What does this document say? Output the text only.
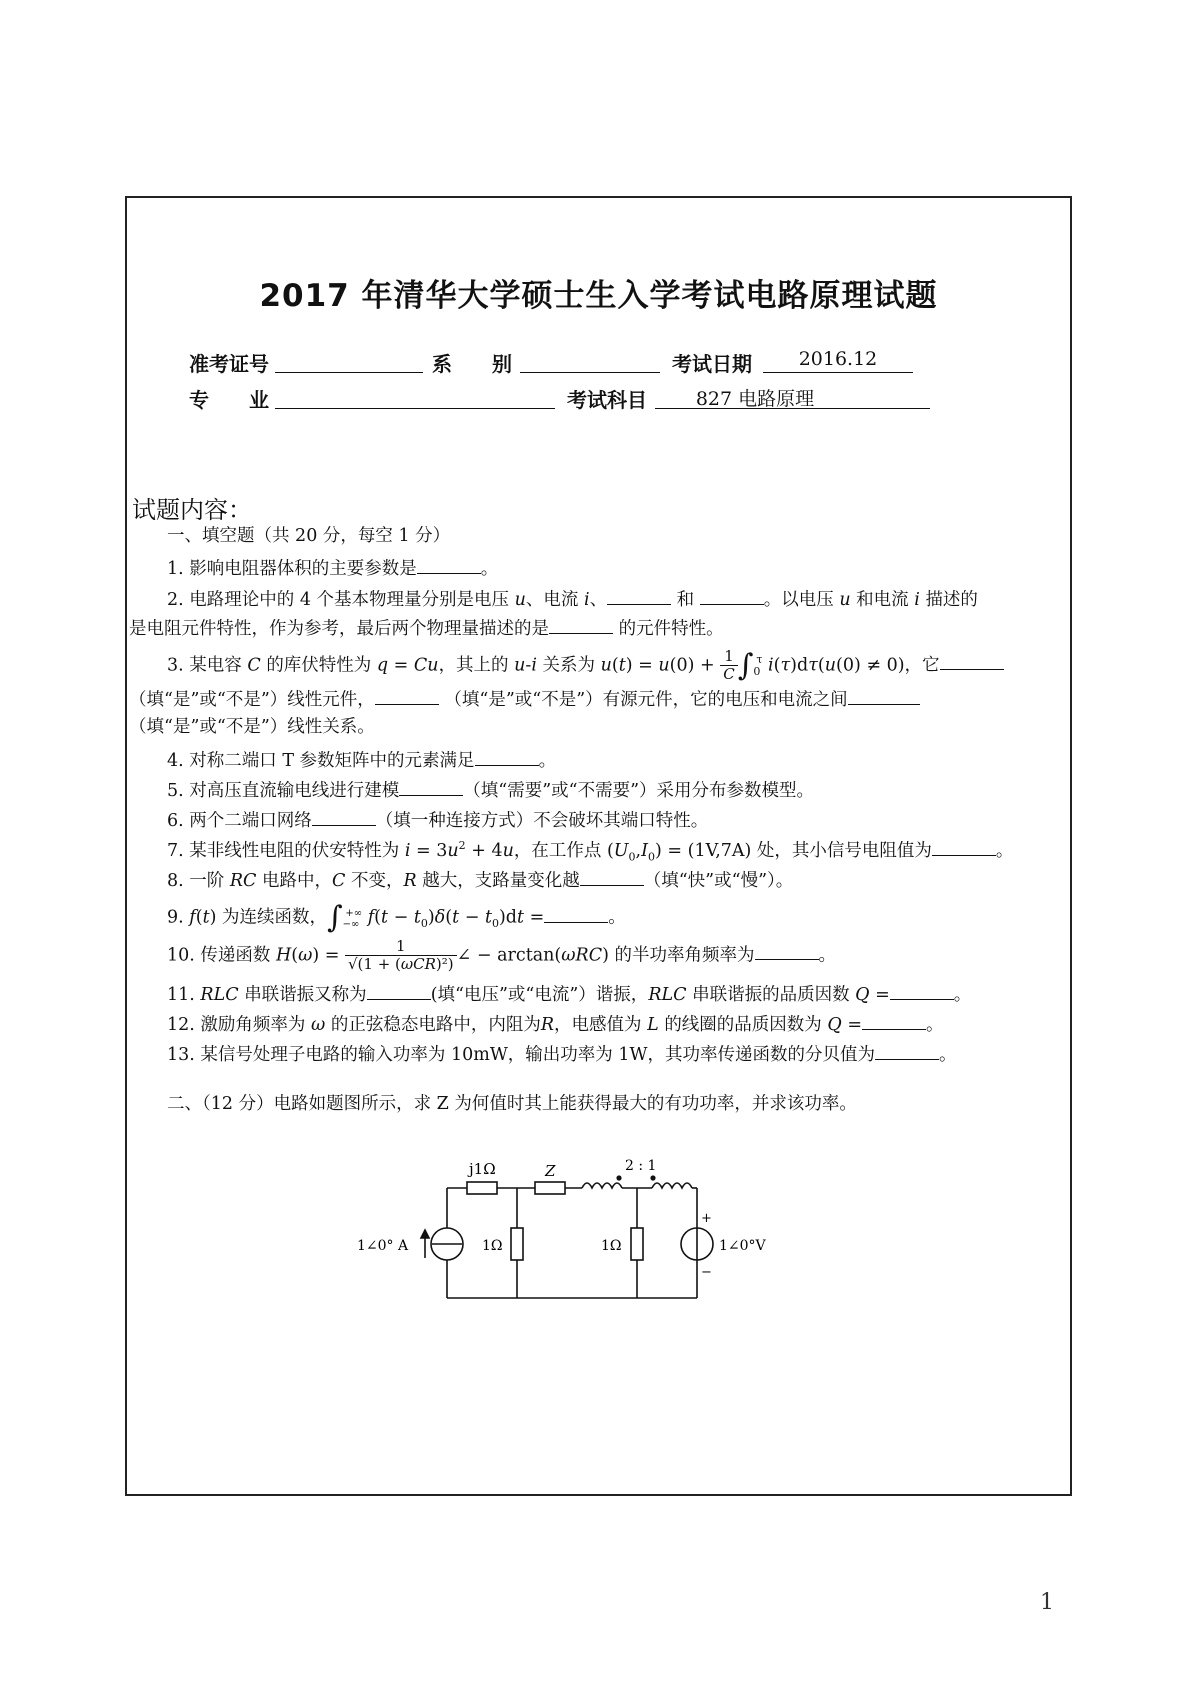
2017 年清华大学硕士生入学考试电路原理试题
准考证号	系　　别	考试日期	2016.12
专　　业	考试科目	827 电路原理
试题内容：
一、填空题（共 20 分，每空 1 分）
1. 影响电阻器体积的主要参数是	。
2. 电路理论中的 4 个基本物理量分别是电压 u、电流 i、	和	。以电压 u 和电流 i 描述的
是电阻元件特性，作为参考，最后两个物理量描述的是	的元件特性。
3. 某电容 C 的库伏特性为 q = Cu，其上的 u-i 关系为 $u(t) = u(0) + \frac{1}{C} \int_0^\tau$ i(τ)dτ(u(0) ≠ 0)，它
（填“是”或“不是”）线性元件，	（填“是”或“不是”）有源元件，它的电压和电流之间
（填“是”或“不是”）线性关系。
4. 对称二端口 T 参数矩阵中的元素满足	。
5. 对高压直流输电线进行建模	（填“需要”或“不需要”）采用分布参数模型。
6. 两个二端口网络	（填一种连接方式）不会破坏其端口特性。
7. 某非线性电阻的伏安特性为 $i = 3u^2 + 4u$，在工作点 $(U_0,I_0) = (1V,7A)$ 处，其小信号电阻值为	。
8. 一阶 RC 电路中，C 不变，R 越大，支路量变化越	（填“快”或“慢”）。
9. f(t) 为连续函数，$\int_{-\infty}^{+\infty}$ $f(t - t_0)\delta(t - t_0)dt$ =	。
10. 传递函数 $H(\omega) = \frac{1}{\text{√(1 + (ωCR)²)}}$ ∠ − arctan(ωRC) 的半功率角频率为	。
11. RLC 串联谐振又称为	(填“电压”或“电流”）谐振，RLC 串联谐振的品质因数 Q =	。
12. 激励角频率为 ω 的正弦稳态电路中，内阻为R，电感值为 L 的线圈的品质因数为 Q =	。
13. 某信号处理子电路的输入功率为 10mW，输出功率为 1W，其功率传递函数的分贝值为	。
二、（12 分）电路如题图所示，求 Z 为何值时其上能获得最大的有功功率，并求该功率。
j1Ω	Z	2 : 1
1∠0° A	1Ω	1Ω	1∠0°V
+
−
1
